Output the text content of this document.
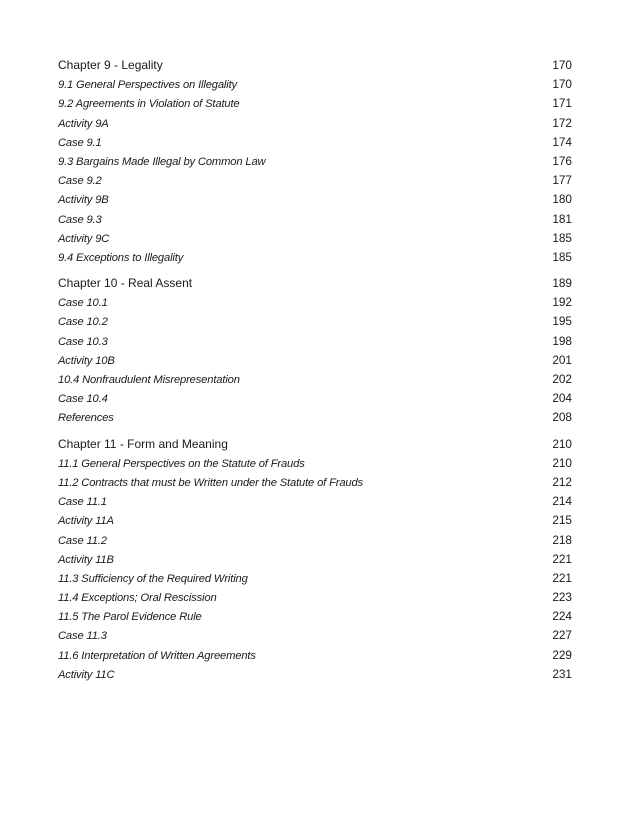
Chapter 9 - Legality	170
9.1 General Perspectives on Illegality	170
9.2 Agreements in Violation of Statute	171
Activity 9A	172
Case 9.1	174
9.3 Bargains Made Illegal by Common Law	176
Case 9.2	177
Activity 9B	180
Case 9.3	181
Activity 9C	185
9.4 Exceptions to Illegality	185
Chapter 10 - Real Assent	189
Case 10.1	192
Case 10.2	195
Case 10.3	198
Activity 10B	201
10.4 Nonfraudulent Misrepresentation	202
Case 10.4	204
References	208
Chapter 11 - Form and Meaning	210
11.1 General Perspectives on the Statute of Frauds	210
11.2 Contracts that must be Written under the Statute of Frauds	212
Case 11.1	214
Activity 11A	215
Case 11.2	218
Activity 11B	221
11.3 Sufficiency of the Required Writing	221
11.4 Exceptions; Oral Rescission	223
11.5 The Parol Evidence Rule	224
Case 11.3	227
11.6 Interpretation of Written Agreements	229
Activity 11C	231
